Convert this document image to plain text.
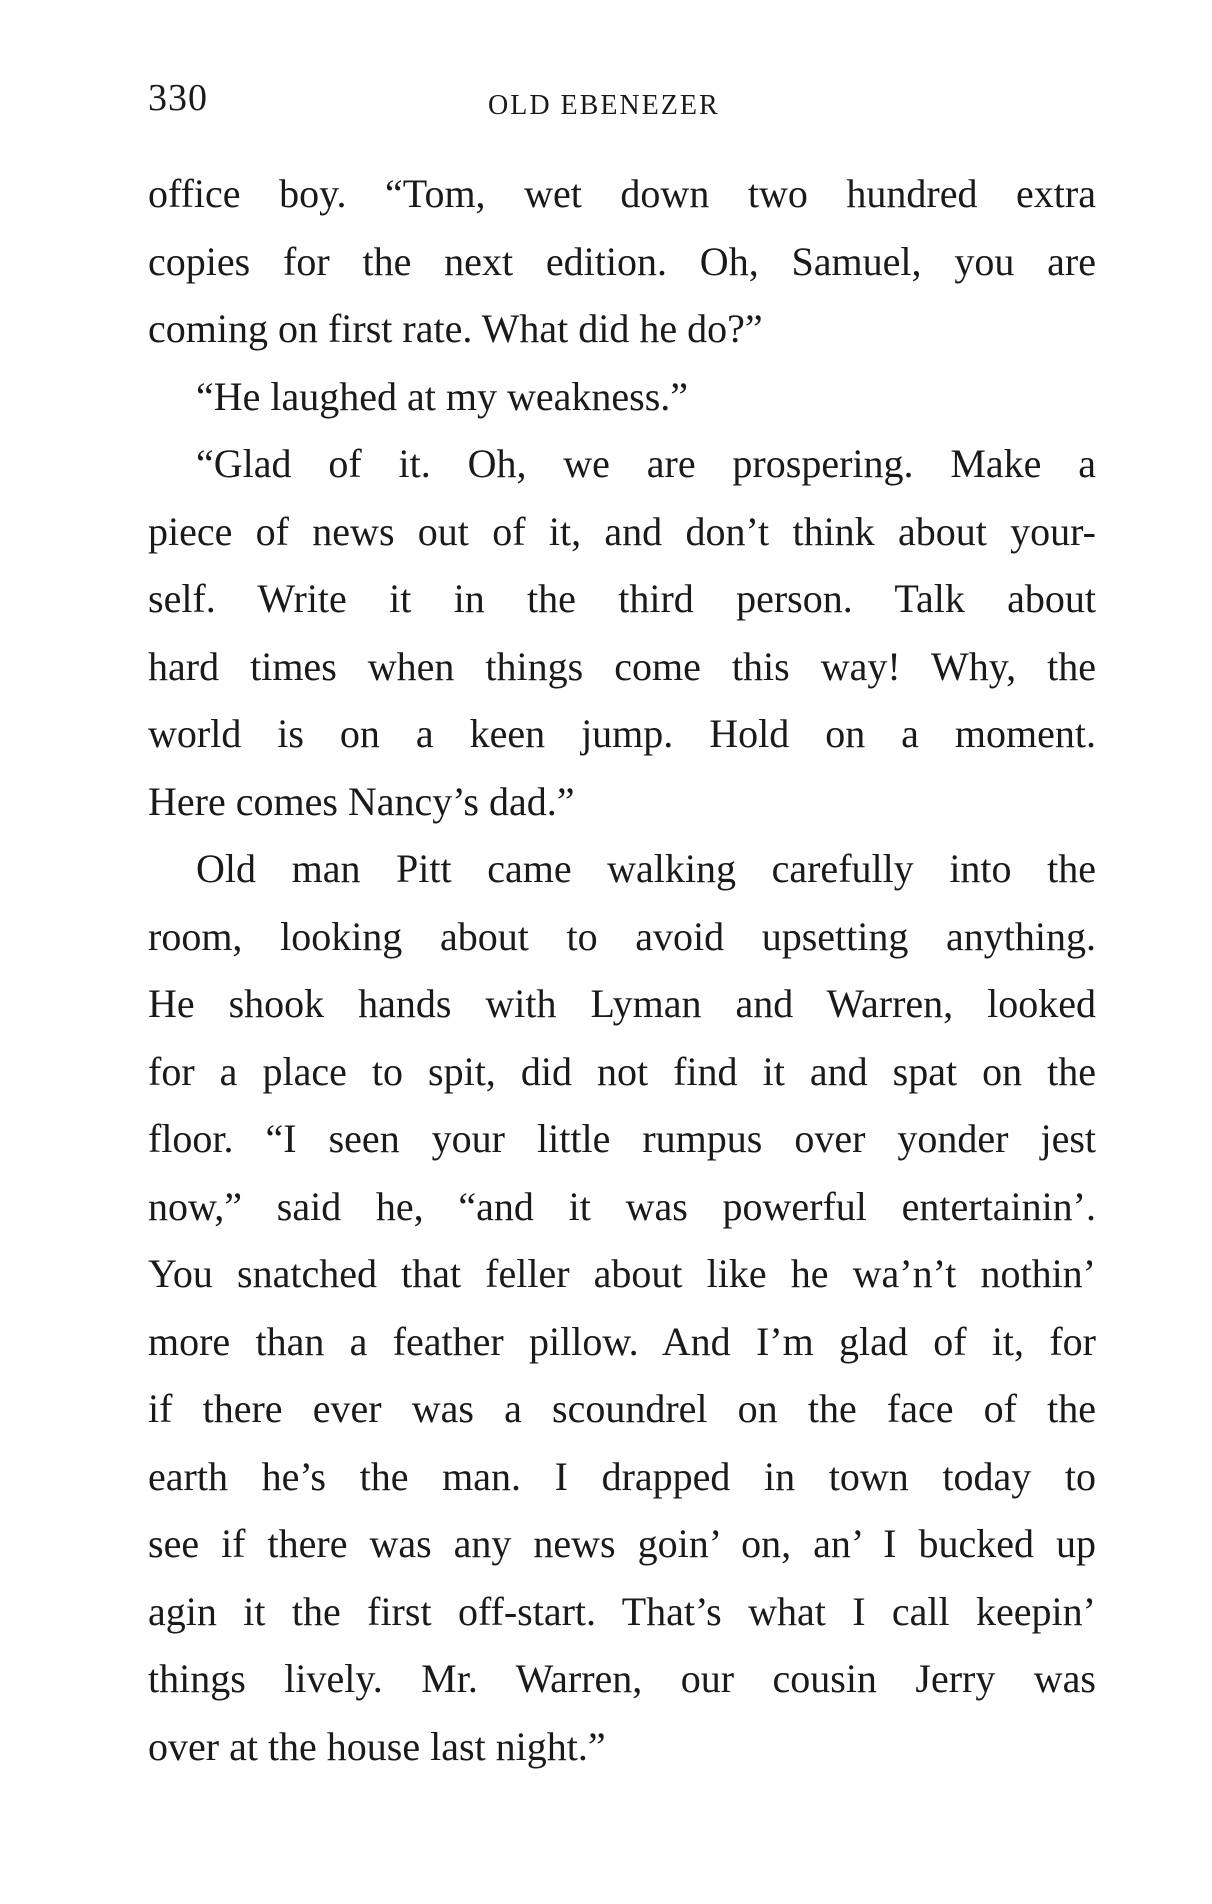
330	OLD EBENEZER
office boy. “Tom, wet down two hundred extra
copies for the next edition. Oh, Samuel, you are
coming on first rate. What did he do?”
“He laughed at my weakness.”
“Glad of it. Oh, we are prospering. Make a
piece of news out of it, and don’t think about your-
self. Write it in the third person. Talk about
hard times when things come this way! Why, the
world is on a keen jump. Hold on a moment.
Here comes Nancy’s dad.”
Old man Pitt came walking carefully into the
room, looking about to avoid upsetting anything.
He shook hands with Lyman and Warren, looked
for a place to spit, did not find it and spat on the
floor. “I seen your little rumpus over yonder jest
now,” said he, “and it was powerful entertainin’.
You snatched that feller about like he wa’n’t nothin’
more than a feather pillow. And I’m glad of it, for
if there ever was a scoundrel on the face of the
earth he’s the man. I drapped in town today to
see if there was any news goin’ on, an’ I bucked up
agin it the first off-start. That’s what I call keepin’
things lively. Mr. Warren, our cousin Jerry was
over at the house last night.”
